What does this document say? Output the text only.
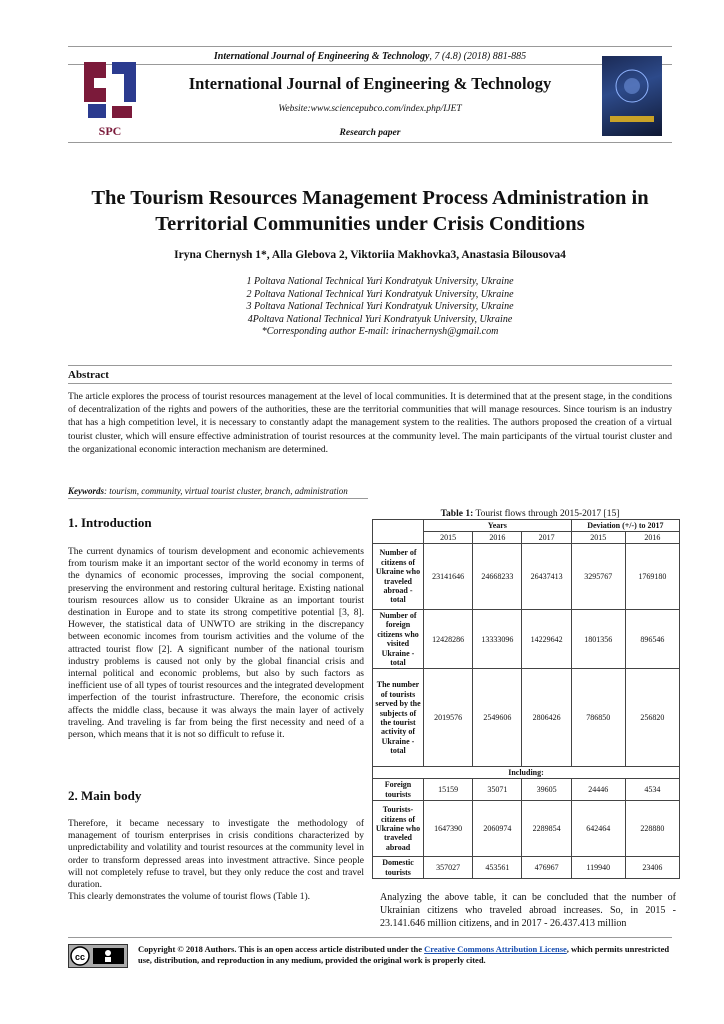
International Journal of Engineering & Technology, 7 (4.8) (2018) 881-885
SPC
International Journal of Engineering & Technology
Website:www.sciencepubco.com/index.php/IJET
Research paper
The Tourism Resources Management Process Administration in Territorial Communities under Crisis Conditions
Iryna Chernysh 1*, Alla Glebova 2, Viktoriia Makhovka3, Anastasia Bilousova4
1 Poltava National Technical Yuri Kondratyuk University, Ukraine
2 Poltava National Technical Yuri Kondratyuk University, Ukraine
3 Poltava National Technical Yuri Kondratyuk University, Ukraine
4Poltava National Technical Yuri Kondratyuk University, Ukraine
*Corresponding author E-mail: irinachernysh@gmail.com
Abstract
The article explores the process of tourist resources management at the level of local communities. It is determined that at the present stage, in the conditions of decentralization of the rights and powers of the authorities, these are the territorial communities that will manage resources. Since tourism is an industry that has a high competition level, it is necessary to constantly adapt the management system to the realities. The authors proposed the creation of a virtual tourist cluster, which will ensure effective administration of tourist resources at the community level. The main participants of the virtual tourist cluster and the organizational economic interaction mechanism are determined.
Keywords: tourism, community, virtual tourist cluster, branch, administration
1. Introduction
The current dynamics of tourism development and economic achievements from tourism make it an important sector of the world economy in terms of the dynamics of economic processes, improving the social component, preserving the environment and restoring cultural heritage. Existing national tourism resources allow us to consider Ukraine as an important tourist destination in Europe and to state its strong competitive potential [3, 8]. However, the statistical data of UNWTO are striking in the discrepancy between economic incomes from tourism activities and the volume of the attracted tourist flow [2]. A significant number of the national tourism industry problems is caused not only by the global financial crisis and internal political and economic problems, but also by such factors as inefficient use of all types of tourist resources and the integrated development imperfection of the tourist infrastructure. Therefore, the economic crisis affects the middle class, because it was always the main layer of actively traveling. And traveling is far from being the first necessity and need of a person, which means that it is not so difficult to refuse it.
2. Main body
Therefore, it became necessary to investigate the methodology of management of tourism enterprises in crisis conditions characterized by unpredictability and volatility and tourist resources at the community level in order to transform depressed areas into investment attractive. Since people will not completely refuse to travel, but they only reduce the cost and travel duration.
This clearly demonstrates the volume of tourist flows (Table 1).
Table 1: Tourist flows through 2015-2017 [15]
	Years			Deviation (+/-) to 2017	
	2015	2016	2017	2015	2016
Number of citizens of Ukraine who traveled abroad - total	23141646	24668233	26437413	3295767	1769180
Number of foreign citizens who visited Ukraine - total	12428286	13333096	14229642	1801356	896546
The number of tourists served by the subjects of the tourist activity of Ukraine - total	2019576	2549606	2806426	786850	256820
Including:					
Foreign tourists	15159	35071	39605	24446	4534
Tourists-citizens of Ukraine who traveled abroad	1647390	2060974	2289854	642464	228880
Domestic tourists	357027	453561	476967	119940	23406
Analyzing the above table, it can be concluded that the number of Ukrainian citizens who traveled abroad increases. So, in 2015 - 23.141.646 million citizens, and in 2017 - 26.437.413 million
cc
Copyright © 2018 Authors. This is an open access article distributed under the Creative Commons Attribution License, which permits unrestricted use, distribution, and reproduction in any medium, provided the original work is properly cited.
